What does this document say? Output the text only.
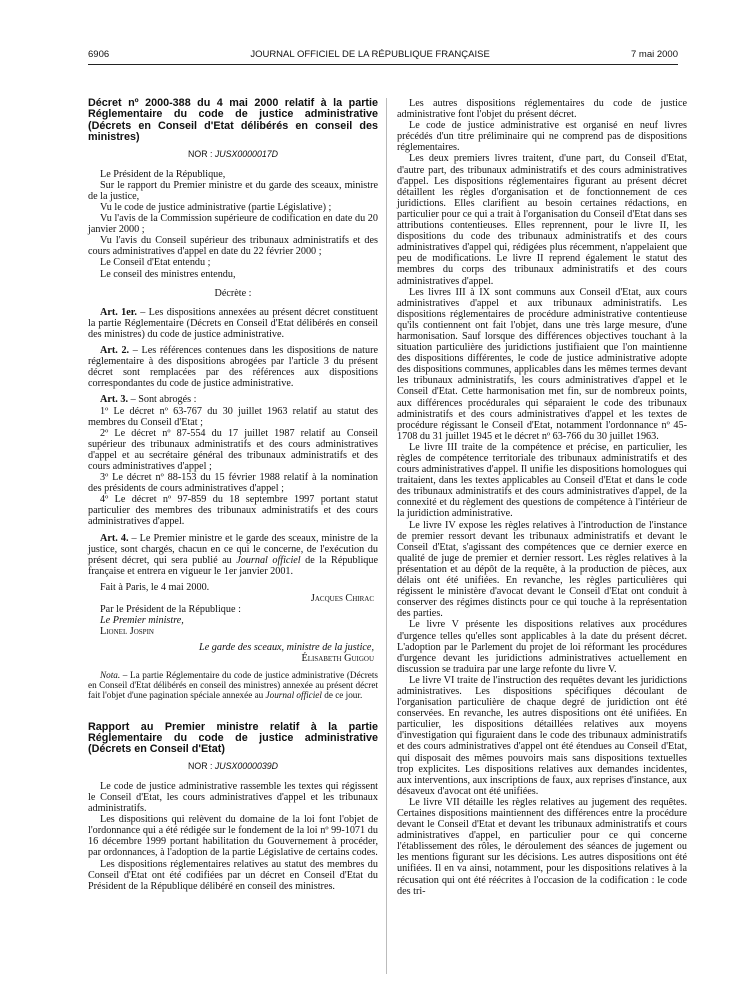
6906	JOURNAL OFFICIEL DE LA RÉPUBLIQUE FRANÇAISE	7 mai 2000
Décret nº 2000-388 du 4 mai 2000 relatif à la partie Réglementaire du code de justice administrative (Décrets en Conseil d'Etat délibérés en conseil des ministres)
NOR : JUSX0000017D

Le Président de la République,

Sur le rapport du Premier ministre et du garde des sceaux, ministre de la justice,

Vu le code de justice administrative (partie Législative) ;

Vu l'avis de la Commission supérieure de codification en date du 20 janvier 2000 ;

Vu l'avis du Conseil supérieur des tribunaux administratifs et des cours administratives d'appel en date du 22 février 2000 ;

Le Conseil d'Etat entendu ;

Le conseil des ministres entendu,

Décrète :

Art. 1er. – Les dispositions annexées au présent décret constituent la partie Réglementaire (Décrets en Conseil d'Etat délibérés en conseil des ministres) du code de justice administrative.

Art. 2. – Les références contenues dans les dispositions de nature réglementaire à des dispositions abrogées par l'article 3 du présent décret sont remplacées par des références aux dispositions correspondantes du code de justice administrative.

Art. 3. – Sont abrogés :

1º Le décret nº 63-767 du 30 juillet 1963 relatif au statut des membres du Conseil d'Etat ;

2º Le décret nº 87-554 du 17 juillet 1987 relatif au Conseil supérieur des tribunaux administratifs et des cours administratives d'appel et au secrétaire général des tribunaux administratifs et des cours administratives d'appel ;

3º Le décret nº 88-153 du 15 février 1988 relatif à la nomination des présidents de cours administratives d'appel ;

4º Le décret nº 97-859 du 18 septembre 1997 portant statut particulier des membres des tribunaux administratifs et des cours administratives d'appel.

Art. 4. – Le Premier ministre et le garde des sceaux, ministre de la justice, sont chargés, chacun en ce qui le concerne, de l'exécution du présent décret, qui sera publié au Journal officiel de la République française et entrera en vigueur le 1er janvier 2001.

Fait à Paris, le 4 mai 2000.

Jacques Chirac

Par le Président de la République :

Le Premier ministre,

Lionel Jospin

Le garde des sceaux, ministre de la justice,

Élisabeth Guigou

Nota. – La partie Réglementaire du code de justice administrative (Décrets en Conseil d'Etat délibérés en conseil des ministres) annexée au présent décret fait l'objet d'une pagination spéciale annexée au Journal officiel de ce jour.

Rapport au Premier ministre relatif à la partie Réglementaire du code de justice administrative (Décrets en Conseil d'Etat)
NOR : JUSX0000039D

Le code de justice administrative rassemble les textes qui régissent le Conseil d'Etat, les cours administratives d'appel et les tribunaux administratifs.

Les dispositions qui relèvent du domaine de la loi font l'objet de l'ordonnance qui a été rédigée sur le fondement de la loi nº 99-1071 du 16 décembre 1999 portant habilitation du Gouvernement à procéder, par ordonnances, à l'adoption de la partie Législative de certains codes.

Les dispositions réglementaires relatives au statut des membres du Conseil d'Etat ont été codifiées par un décret en Conseil d'Etat du Président de la République délibéré en conseil des ministres.

Les autres dispositions réglementaires du code de justice administrative font l'objet du présent décret.

Le code de justice administrative est organisé en neuf livres précédés d'un titre préliminaire qui ne comprend pas de dispositions réglementaires.

Les deux premiers livres traitent, d'une part, du Conseil d'Etat, d'autre part, des tribunaux administratifs et des cours administratives d'appel. Les dispositions réglementaires figurant au présent décret détaillent les règles d'organisation et de fonctionnement de ces juridictions. Elles clarifient au besoin certaines rédactions, en particulier pour ce qui a trait à l'organisation du Conseil d'Etat dans ses attributions contentieuses. Elles reprennent, pour le livre II, les dispositions du code des tribunaux administratifs et des cours administratives d'appel qui, rédigées plus récemment, n'appelaient que peu de modifications. Le livre II reprend également le statut des membres du corps des tribunaux administratifs et des cours administratives d'appel.

Les livres III à IX sont communs aux Conseil d'Etat, aux cours administratives d'appel et aux tribunaux administratifs. Les dispositions réglementaires de procédure administrative contentieuse qu'ils contiennent ont fait l'objet, dans une très large mesure, d'une harmonisation. Sauf lorsque des différences objectives touchant à la situation particulière des juridictions justifiaient que l'on maintienne des dispositions différentes, le code de justice administrative adopte des dispositions communes, applicables dans les mêmes termes devant les tribunaux administratifs, les cours administratives d'appel et le Conseil d'Etat. Cette harmonisation met fin, sur de nombreux points, aux différences procédurales qui séparaient le code des tribunaux administratifs et des cours administratives d'appel et les textes de procédure régissant le Conseil d'Etat, notamment l'ordonnance nº 45-1708 du 31 juillet 1945 et le décret nº 63-766 du 30 juillet 1963.

Le livre III traite de la compétence et précise, en particulier, les règles de compétence territoriale des tribunaux administratifs et des cours administratives d'appel. Il unifie les dispositions homologues qui traitaient, dans les textes applicables au Conseil d'Etat et dans le code des tribunaux administratifs et des cours administratives d'appel, de la connexité et du règlement des questions de compétence à l'intérieur de la juridiction administrative.

Le livre IV expose les règles relatives à l'introduction de l'instance de premier ressort devant les tribunaux administratifs et devant le Conseil d'Etat, s'agissant des compétences que ce dernier exerce en qualité de juge de premier et dernier ressort. Les règles relatives à la présentation et au dépôt de la requête, à la production de pièces, aux délais ont été unifiées. En revanche, les règles particulières qui régissent le ministère d'avocat devant le Conseil d'Etat ont conduit à conserver des régimes distincts pour ce qui touche à la représentation des parties.

Le livre V présente les dispositions relatives aux procédures d'urgence telles qu'elles sont applicables à la date du présent décret. L'adoption par le Parlement du projet de loi réformant les procédures d'urgence devant les juridictions administratives actuellement en discussion se traduira par une large refonte du livre V.

Le livre VI traite de l'instruction des requêtes devant les juridictions administratives. Les dispositions spécifiques découlant de l'organisation particulière de chaque degré de juridiction ont été conservées. En revanche, les autres dispositions ont été unifiées. En particulier, les dispositions détaillées relatives aux moyens d'investigation qui figuraient dans le code des tribunaux administratifs et des cours administratives d'appel ont été étendues au Conseil d'Etat, qui disposait des mêmes pouvoirs mais sans dispositions textuelles trop explicites. Les dispositions relatives aux demandes incidentes, aux interventions, aux inscriptions de faux, aux reprises d'instance, aux désaveux d'avocat ont été unifiées.

Le livre VII détaille les règles relatives au jugement des requêtes. Certaines dispositions maintiennent des différences entre la procédure devant le Conseil d'Etat et devant les tribunaux administratifs et cours administratives d'appel, en particulier pour ce qui concerne l'établissement des rôles, le déroulement des séances de jugement ou les mentions figurant sur les décisions. Les autres dispositions ont été unifiées. Il en va ainsi, notamment, pour les dispositions relatives à la récusation qui ont été réécrites à l'occasion de la codification : le code des tri-
